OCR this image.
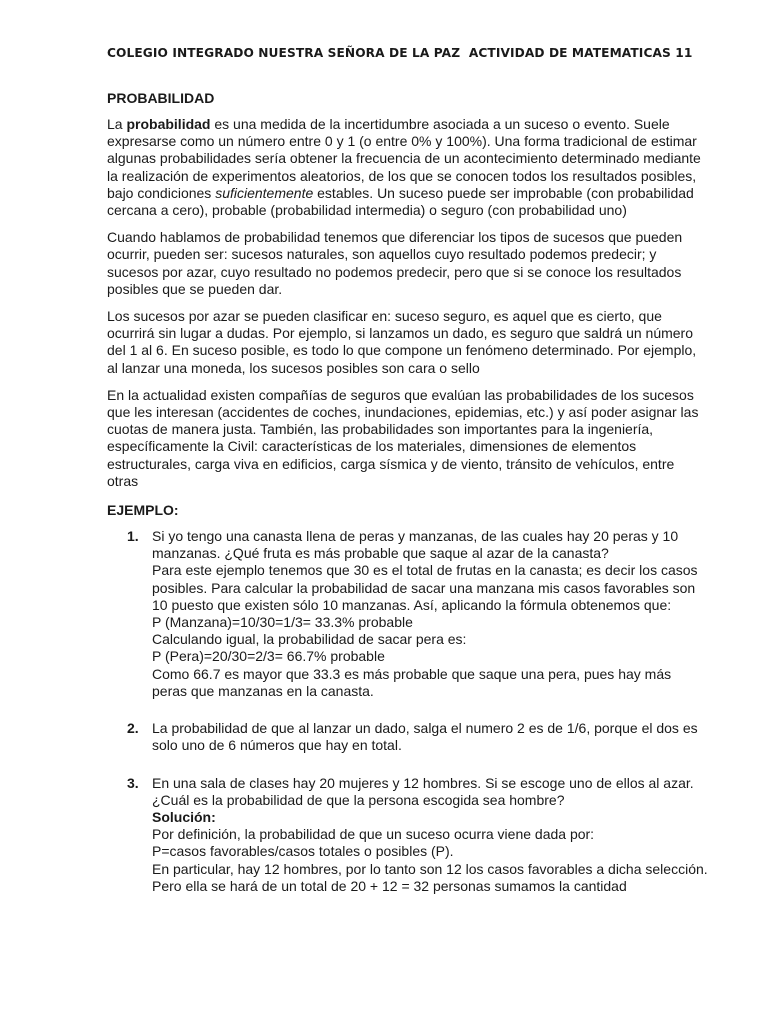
COLEGIO INTEGRADO NUESTRA SEÑORA DE LA PAZ  ACTIVIDAD DE MATEMATICAS 11
PROBABILIDAD

La probabilidad es una medida de la incertidumbre asociada a un suceso o evento. Suele expresarse como un número entre 0 y 1 (o entre 0% y 100%). Una forma tradicional de estimar algunas probabilidades sería obtener la frecuencia de un acontecimiento determinado mediante la realización de experimentos aleatorios, de los que se conocen todos los resultados posibles, bajo condiciones suficientemente estables. Un suceso puede ser improbable (con probabilidad cercana a cero), probable (probabilidad intermedia) o seguro (con probabilidad uno)

Cuando hablamos de probabilidad tenemos que diferenciar los tipos de sucesos que pueden ocurrir, pueden ser: sucesos naturales, son aquellos cuyo resultado podemos predecir; y sucesos por azar, cuyo resultado no podemos predecir, pero que si se conoce los resultados posibles que se pueden dar.

Los sucesos por azar se pueden clasificar en: suceso seguro, es aquel que es cierto, que ocurrirá sin lugar a dudas. Por ejemplo, si lanzamos un dado, es seguro que saldrá un número del 1 al 6. En suceso posible, es todo lo que compone un fenómeno determinado. Por ejemplo, al lanzar una moneda, los sucesos posibles son cara o sello

En la actualidad existen compañías de seguros que evalúan las probabilidades de los sucesos que les interesan (accidentes de coches, inundaciones, epidemias, etc.) y así poder asignar las cuotas de manera justa. También, las probabilidades son importantes para la ingeniería, específicamente la Civil: características de los materiales, dimensiones de elementos estructurales, carga viva en edificios, carga sísmica y de viento, tránsito de vehículos, entre otras

EJEMPLO:
1. Si yo tengo una canasta llena de peras y manzanas, de las cuales hay 20 peras y 10 manzanas. ¿Qué fruta es más probable que saque al azar de la canasta?
Para este ejemplo tenemos que 30 es el total de frutas en la canasta; es decir los casos posibles. Para calcular la probabilidad de sacar una manzana mis casos favorables son 10 puesto que existen sólo 10 manzanas. Así, aplicando la fórmula obtenemos que:
P (Manzana)=10/30=1/3= 33.3% probable
Calculando igual, la probabilidad de sacar pera es:
P (Pera)=20/30=2/3= 66.7% probable
Como 66.7 es mayor que 33.3 es más probable que saque una pera, pues hay más peras que manzanas en la canasta.
2. La probabilidad de que al lanzar un dado, salga el numero 2 es de 1/6, porque el dos es solo uno de 6 números que hay en total.
3. En una sala de clases hay 20 mujeres y 12 hombres. Si se escoge uno de ellos al azar. ¿Cuál es la probabilidad de que la persona escogida sea hombre?
Solución:
Por definición, la probabilidad de que un suceso ocurra viene dada por:
P=casos favorables/casos totales o posibles (P).
En particular, hay 12 hombres, por lo tanto son 12 los casos favorables a dicha selección. Pero ella se hará de un total de 20 + 12 = 32 personas sumamos la cantidad
